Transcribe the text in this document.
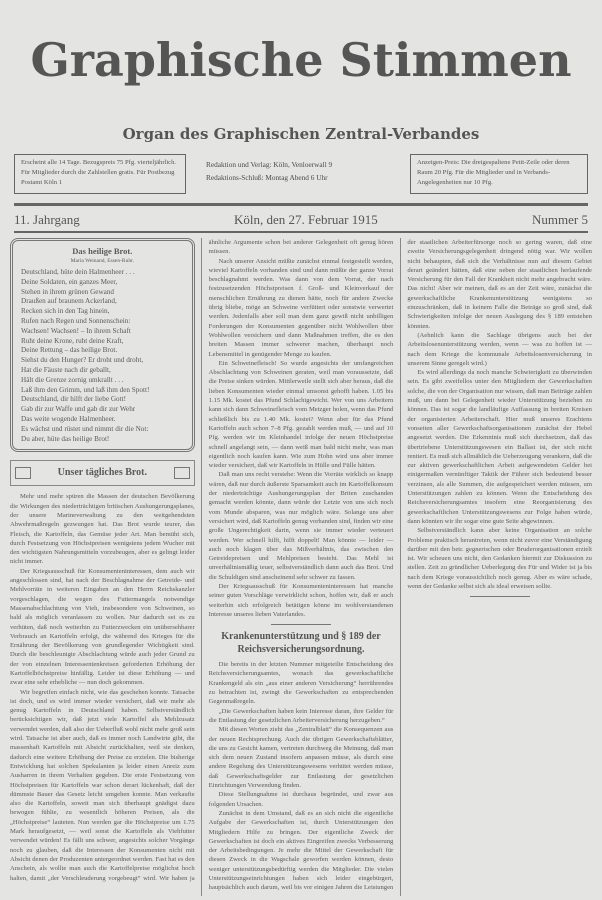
Graphische Stimmen
Organ des Graphischen Zentral-Verbandes
Erscheint alle 14 Tage. Bezugspreis 75 Pfg. vierteljährlich. Für Mitglieder durch die Zahlstellen gratis. Für Postbezug Postamt Köln 1
Redaktion und Verlag: Köln, Venloerwall 9
Redaktions-Schluß: Montag Abend 6 Uhr
Anzeigen-Preis: Die dreigespaltene Petit-Zeile oder deren Raum 20 Pfg. Für die Mitglieder und in Verbands-Angelegenheiten nur 10 Pfg.
11. Jahrgang	Köln, den 27. Februar 1915	Nummer 5
Das heilige Brot.
Maria Weinand, Essen-Ruhr.
Deutschland, hüte dein Halmenheer . . .
Deine Soldaten, ein ganzes Meer,
Stehen in ihrem grünen Gewand
Draußen auf braunem Ackerland,
Recken sich in den Tag hinein,
Rufen nach Regen und Sonnenschein:
Wachsen! Wachsen! – In ihrem Schaft
Ruht deine Krone, ruht deine Kraft,
Deine Rettung – das heilige Brot.
Siehst du den Hunger? Er droht und droht,
Hat die Fäuste nach dir geballt,
Hält die Grenze zornig umkrallt . . .
Laß ihm den Grimm, und laß ihm den Spott!
Deutschland, dir hilft der liebe Gott!
Gab dir zur Waffe und gab dir zur Wehr
Das weite wogende Halmenheer.
Es wächst und rüstet und nimmt dir die Not:
Du aber, hüte das heilige Brot!
Unser tägliches Brot.

Mehr und mehr spüren die Massen der deutschen Bevölkerung die Wirkungen des niederträchtigen britischen Aushungerungsplanes, der unsere Marineverwaltung zu den weitgehendsten Abwehrmaßregeln gezwungen hat. Das Brot wurde teurer, das Fleisch, die Kartoffeln, das Gemüse jeder Art. Man bemüht sich, durch Festsetzung von Höchstpreisen wenigstens jedem Wucher mit den wichtigsten Nahrungsmitteln vorzubeugen, aber es gelingt leider nicht immer.

Der Kriegsausschuß für Konsumenteninteressen, dem auch wir angeschlossen sind, hat nach der Beschlagnahme der Getreide- und Mehlvorräte in weiteren Eingaben an den Herrn Reichskanzler vorgeschlagen, die wegen des Futtermangels notwendige Massenabschlachtung von Vieh, insbesondere von Schweinen, so bald als möglich veranlassen zu wollen. Nur dadurch sei es zu verhüten, daß noch weiterhin zu Futterzwecken ein unübersehbarer Verbrauch an Kartoffeln erfolgt, die während des Krieges für die Ernährung der Bevölkerung von grundlegender Wichtigkeit sind. Durch die beschleunigte Abschlachtung würde auch jeder Grund zu der von einzelnen Interessentenkreisen geforderten Erhöhung der Kartoffelhöchstpreise hinfällig. Leider ist diese Erhöhung — und zwar eine sehr erhebliche — nun doch gekommen.

Wir begreifen einfach nicht, wie das geschehen konnte. Tatsache ist doch, und es wird immer wieder versichert, daß wir mehr als genug Kartoffeln in Deutschland haben. Selbstverständlich berücksichtigen wir, daß jetzt viele Kartoffel als Mehlzusatz verwendet werden, daß also der Ueberfluß wohl nicht mehr groß sein wird. Tatsache ist aber auch, daß es immer noch Landwirte gibt, die massenhaft Kartoffeln mit Absicht zurückhalten, weil sie denken, dadurch eine weitere Erhöhung der Preise zu erzielen. Die bisherige Entwicklung hat solchen Spekulanten ja leider einen Anreiz zum Ausharren in ihrem Verhalten gegeben. Die erste Festsetzung von Höchstpreisen für Kartoffeln war schon derart lückenhaft, daß der dümmste Bauer das Gesetz leicht umgehen konnte. Man verkaufte also die Kartoffeln, soweit man sich überhaupt gnädigst dazu bewogen fühlte, zu wesentlich höheren Preisen, als die „Höchstpreise“ lauteten. Nun werden gar die Höchstpreise um 1.75 Mark heraufgesetzt, — weil sonst die Kartoffeln als Viehfutter verwendet würden! Es fällt uns schwer, angesichts solcher Vorgänge noch zu glauben, daß die Interessen der Konsumenten nicht mit Absicht denen der Produzenten untergeordnet werden. Fast hat es den Anschein, als wollte man auch die Kartoffelpreise möglichst hoch halten, damit „der Verschleuderung vorgebeugt“ wird. Wir haben ja ähnliche Argumente schon bei anderer Gelegenheit oft genug hören müssen.

Nach unserer Ansicht müßte zunächst einmal festgestellt werden, wieviel Kartoffeln vorhanden sind und dann müßte der ganze Vorrat beschlagnahmt werden. Was dann von dem Vorrat, der nach festzusetzenden Höchstpreisen f. Groß- und Kleinverkauf der menschlichen Ernährung zu dienen hätte, noch für andere Zwecke übrig bliebe, möge an Schweine verfüttert oder sonstwie verwertet werden. Jedenfalls aber soll man dem ganz gewiß nicht unbilligen Forderungen der Konsumenten gegenüber nicht Wohlwollen über Wohlwollen versichern und dann Maßnahmen treffen, die es den breiten Massen immer schwerer machen, überhaupt noch Lebensmittel in genügender Menge zu kaufen.

Ein Schweinefleisch! So wurde angesichts der umfangreichen Abschlachtung von Schweinen geraten, weil man voraussetzte, daß die Preise sinken würden. Mittlerweile stellt sich aber heraus, daß die lieben Konsumenten wieder einmal umsonst gehofft haben. 1.05 bis 1.15 Mk. kostet das Pfund Schlachtgewicht. Wer von uns Arbeitern kann sich dann Schweinefleisch vom Metzger holen, wenn das Pfund schließlich bis zu 1.40 Mk. kostet? Wenn aber für das Pfund Kartoffeln auch schon 7–8 Pfg. gezahlt werden muß, — und auf 10 Pfg. werden wir im Kleinhandel infolge der neuen Höchstpreise schnell angelangt sein, — dann weiß man bald nicht mehr, was man eigentlich noch kaufen kann. Wie zum Hohn wird uns aber immer wieder versichert, daß wir Kartoffeln in Hülle und Fülle hätten.

Daß man uns recht verstehe: Wenn die Vorräte wirklich so knapp wären, daß nur durch äußerste Sparsamkeit auch im Kartoffelkonsum der niederträchtige Aushungerungsplan der Briten zuschanden gemacht werden könnte, dann würde der Letzte von uns sich noch vom Munde absparen, was nur möglich wäre. Solange uns aber versichert wird, daß Kartoffeln genug vorhanden sind, finden wir eine große Ungerechtigkeit darin, wenn sie immer wieder verteuert werden. Wer schnell hilft, hilft doppelt! Man könnte — leider — auch noch klagen über das Mißverhältnis, das zwischen den Getreidepreisen und Mehlpreisen besteht. Das Mehl ist unverhältnismäßig teuer, selbstverständlich dann auch das Brot. Und die Schuldigen sind anscheinend sehr schwer zu fassen.

Der Kriegsausschuß für Konsumenteninteressen hat manche seiner guten Vorschläge verwirklicht schon, hoffen wir, daß er auch weiterhin sich erfolgreich betätigen könne im wohlverstandenen Interesse unseres lieben Vaterlandes.

Krankenunterstützung und § 189 der Reichsversicherungsordnung.

Die bereits in der letzten Nummer mitgeteilte Entscheidung des Reichsversicherungsamtes, wonach das gewerkschaftliche Krankengeld als ein „aus einer anderen Versicherung“ herrührendes zu betrachten ist, zwingt die Gewerkschaften zu entsprechenden Gegenmaßregeln.

„Die Gewerkschaften haben kein Interesse daran, ihre Gelder für die Entlastung der gesetzlichen Arbeiterversicherung herzugeben.“

Mit diesen Worten zieht das „Zentralblatt“ die Konsequenzen aus der neuen Rechtsprechung. Auch die übrigen Gewerkschaftsblätter, die uns zu Gesicht kamen, vertreten durchweg die Meinung, daß man sich dem neuen Zustand insofern anpassen müsse, als durch eine andere Regelung des Unterstützungswesens verhütet werden müsse, daß Gewerkschaftsgelder zur Entlastung der gesetzlichen Einrichtungen Verwendung finden.

Diese Stellungnahme ist durchaus begründet, und zwar aus folgenden Ursachen.

Zunächst in dem Umstand, daß es an sich nicht die eigentliche Aufgabe der Gewerkschaften ist, durch Unterstützungen den Mitgliedern Hilfe zu bringen. Der eigentliche Zweck der Gewerkschaften ist doch ein aktives Eingreifen zwecks Verbesserung der Arbeitsbedingungen. Je mehr die Mittel der Gewerkschaft für diesen Zweck in die Wagschale geworfen werden können, desto weniger unterstützungsbedürftig werden die Mitglieder. Die vielen Unterstützungseinrichtungen haben sich leider eingebürgert, hauptsächlich auch darum, weil bis vor einigen Jahren die Leistungen der staatlichen Arbeiterfürsorge noch so gering waren, daß eine zweite Versicherungsgelegenheit dringend nötig war. Wir wollen nicht behaupten, daß sich die Verhältnisse nun auf diesem Gebiet derart geändert hätten, daß eine neben der staatlichen herlaufende Versicherung für den Fall der Krankheit nicht mehr angebracht wäre. Das nicht! Aber wir meinen, daß es an der Zeit wäre, zunächst die gewerkschaftliche Krankenunterstützung wenigstens so einzuschränken, daß in keinem Falle die Beträge so groß sind, daß Schwierigkeiten infolge der neuen Auslegung des § 189 entstehen könnten.

(Aehnlich kann die Sachlage übrigens auch bei der Arbeitslosenunterstützung werden, wenn — was zu hoffen ist — nach dem Kriege die kommunale Arbeitslosenversicherung in unserem Sinne geregelt wird.)

Es wird allerdings da noch manche Schwierigkeit zu überwinden sein. Es gibt zweifellos unter den Mitgliedern der Gewerkschaften solche, die von der Organisation nur wissen, daß man Beiträge zahlen muß, um dann bei Gelegenheit wieder Unterstützung beziehen zu können. Das ist sogar die landläufige Auffassung in breiten Kreisen der organisierten Arbeiterschaft. Hier muß unseres Erachtens vonseiten aller Gewerkschaftsorganisationen zunächst der Hebel angesetzt werden. Die Erkenntnis muß sich durchsetzen, daß das übertriebene Unterstützungswesen ein Ballast ist, der sich nicht rentiert. Es muß sich allmählich die Ueberzeugung verankern, daß die zur aktiven gewerkschaftlichen Arbeit aufgewendeten Gelder bei einigermaßen vernünftiger Taktik der Führer sich bedeutend besser verzinsen, als alle Summen, die aufgespeichert werden müssen, um Unterstützungen zahlen zu können. Wenn die Entscheidung des Reichsversicherungsamtes insofern eine Reorganisierung des gewerkschaftlichen Unterstützungswesens zur Folge haben würde, dann könnten wir ihr sogar eine gute Seite abgewinnen.

Selbstverständlich kann aber keine Organisation an solche Probleme praktisch herantreten, wenn nicht zuvor eine Verständigung darüber mit den betr. gegnerischen oder Bruderorganisationen erzielt ist. Wir scheuen uns nicht, den Gedanken hiermit zur Diskussion zu stellen. Zeit zu gründlicher Ueberlegung des Für und Wider ist ja bis nach dem Kriege voraussichtlich noch genug. Aber es wäre schade, wenn der Gedanke selbst sich als ideal erweisen sollte.
